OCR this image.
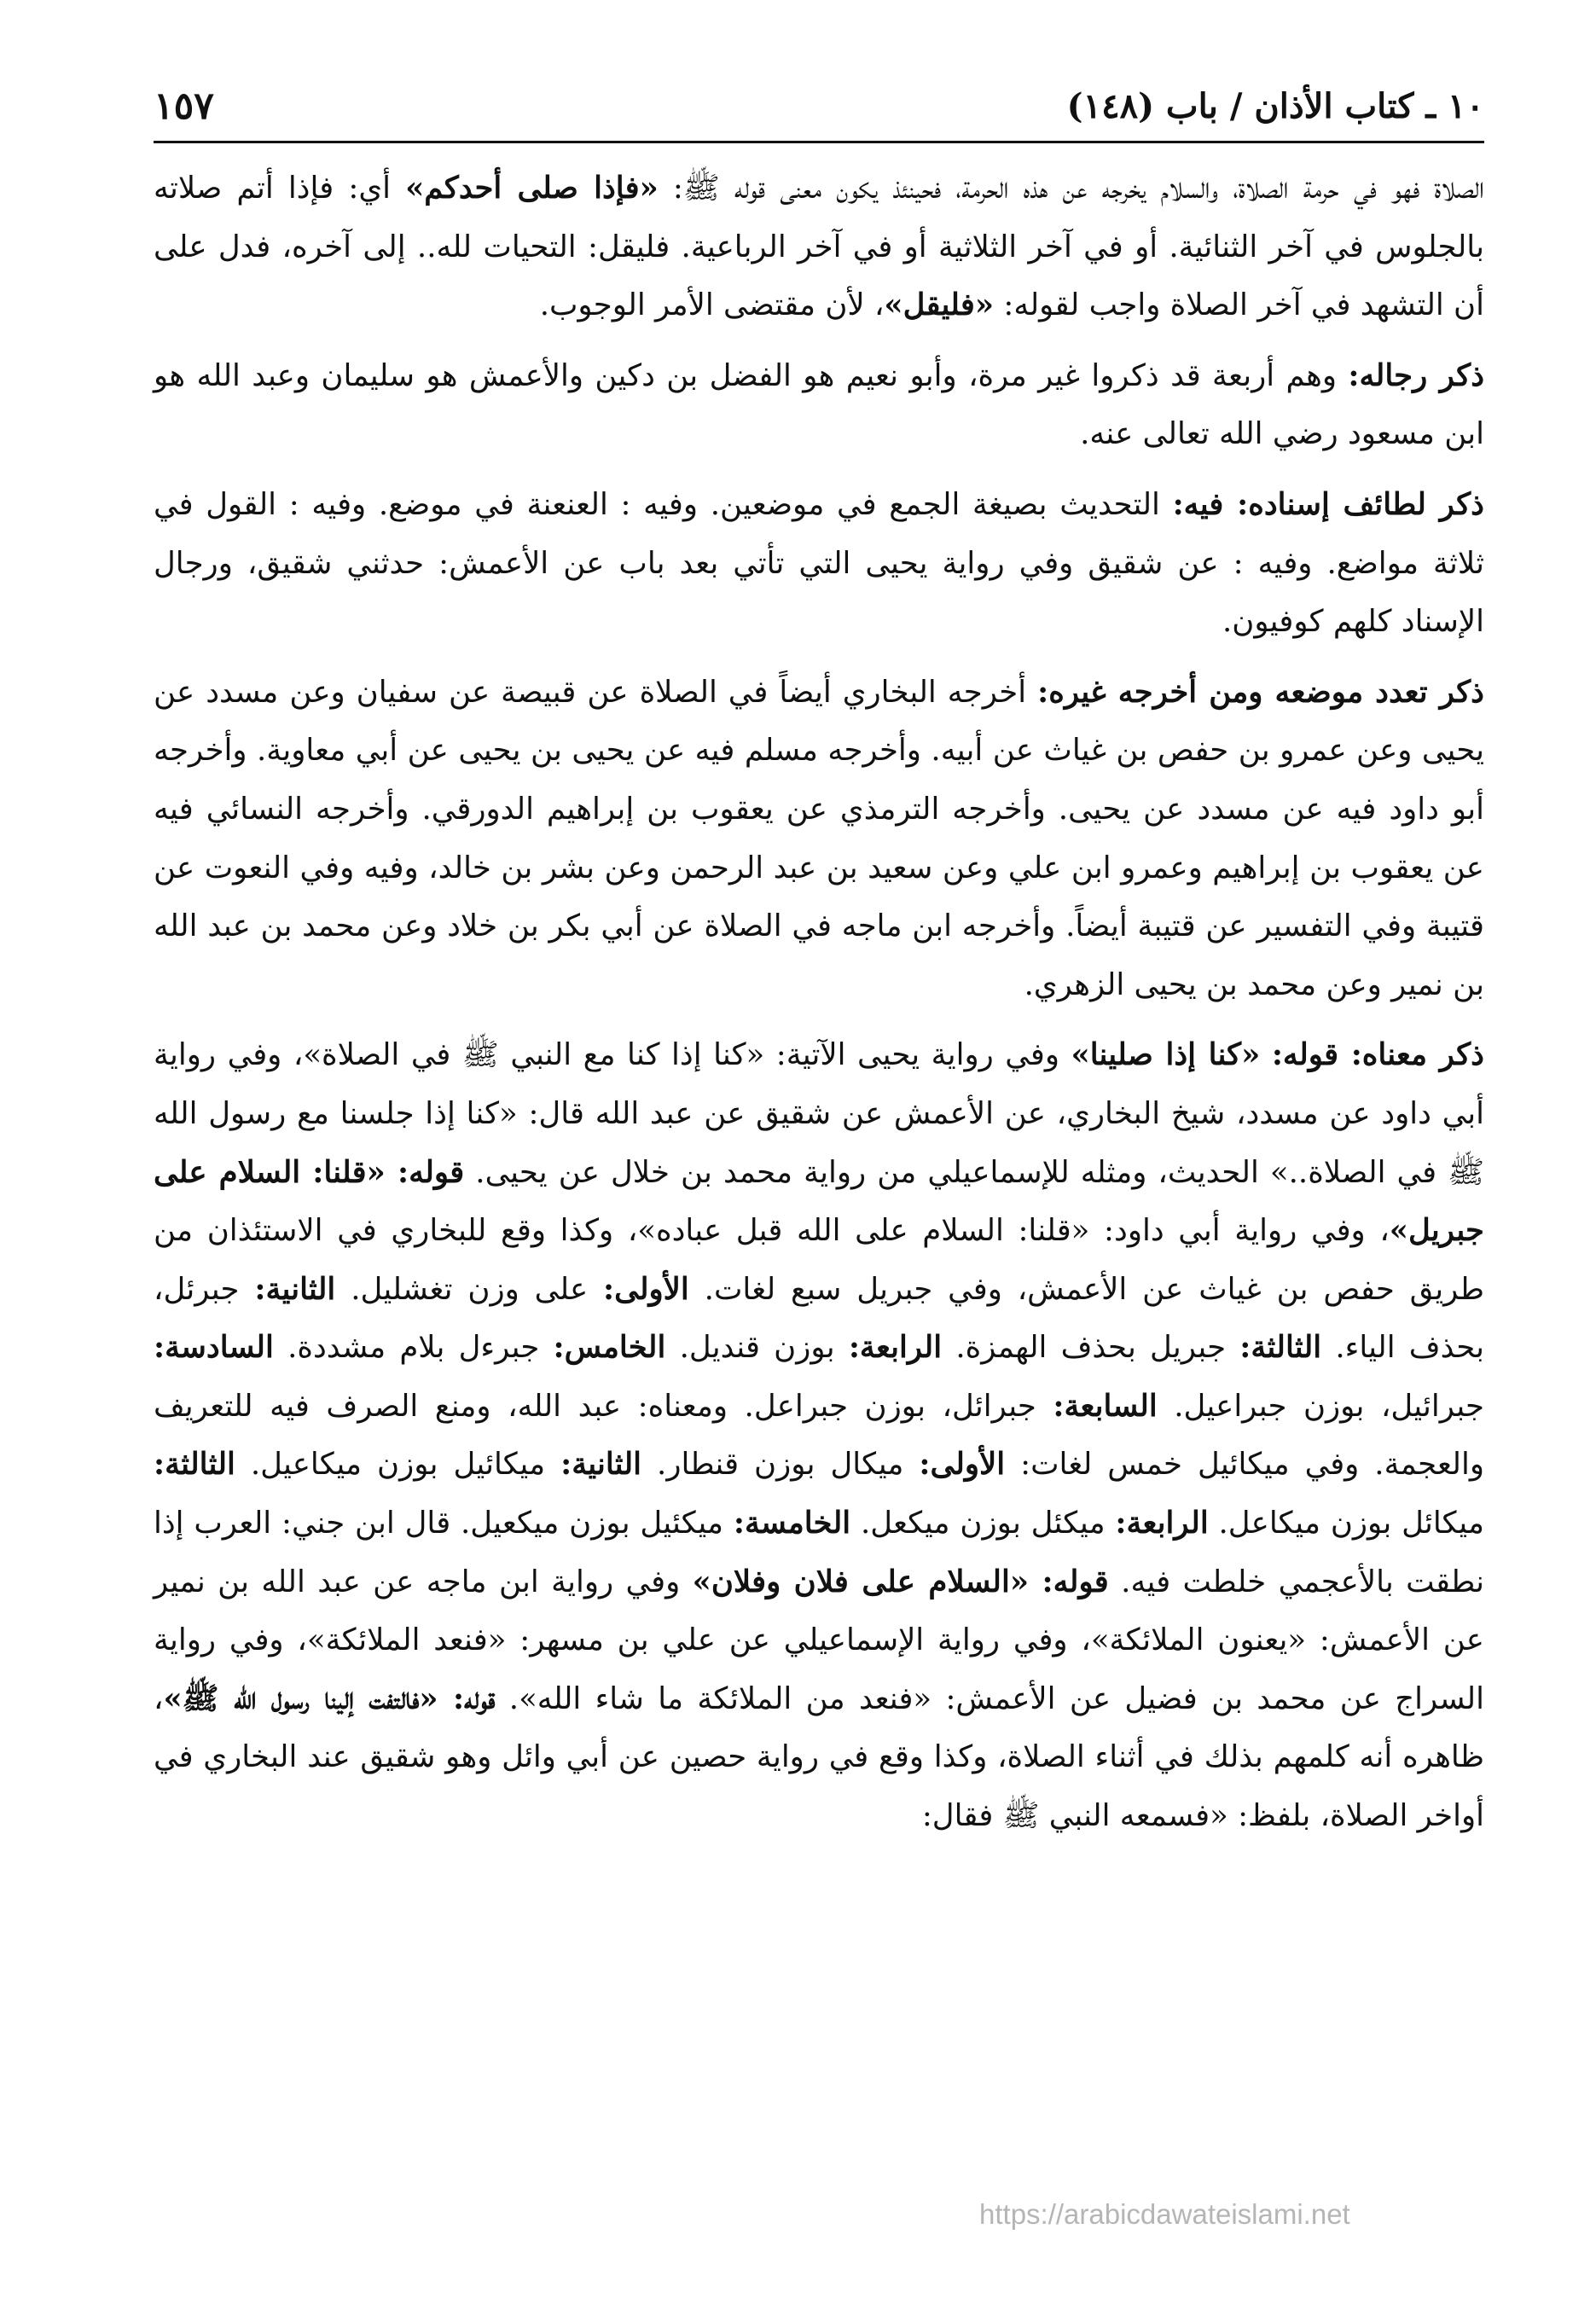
١٠ ـ كتاب الأذان / باب (١٤٨)
١٥٧

الصلاة فهو في حرمة الصلاة، والسلام يخرجه عن هذه الحرمة، فحينئذ يكون معنى قوله ﷺ: «فإذا صلى أحدكم» أي: فإذا أتم صلاته بالجلوس في آخر الثنائية. أو في آخر الثلاثية أو في آخر الرباعية. فليقل: التحيات لله.. إلى آخره، فدل على أن التشهد في آخر الصلاة واجب لقوله: «فليقل»، لأن مقتضى الأمر الوجوب.

ذكر رجاله: وهم أربعة قد ذكروا غير مرة، وأبو نعيم هو الفضل بن دكين والأعمش هو سليمان وعبد الله هو ابن مسعود رضي الله تعالى عنه.

ذكر لطائف إسناده: فيه: التحديث بصيغة الجمع في موضعين. وفيه : العنعنة في موضع. وفيه : القول في ثلاثة مواضع. وفيه : عن شقيق وفي رواية يحيى التي تأتي بعد باب عن الأعمش: حدثني شقيق، ورجال الإسناد كلهم كوفيون.

ذكر تعدد موضعه ومن أخرجه غيره: أخرجه البخاري أيضاً في الصلاة عن قبيصة عن سفيان وعن مسدد عن يحيى وعن عمرو بن حفص بن غياث عن أبيه. وأخرجه مسلم فيه عن يحيى بن يحيى عن أبي معاوية. وأخرجه أبو داود فيه عن مسدد عن يحيى. وأخرجه الترمذي عن يعقوب بن إبراهيم الدورقي. وأخرجه النسائي فيه عن يعقوب بن إبراهيم وعمرو ابن علي وعن سعيد بن عبد الرحمن وعن بشر بن خالد، وفيه وفي النعوت عن قتيبة وفي التفسير عن قتيبة أيضاً. وأخرجه ابن ماجه في الصلاة عن أبي بكر بن خلاد وعن محمد بن عبد الله بن نمير وعن محمد بن يحيى الزهري.

ذكر معناه: قوله: «كنا إذا صلينا» وفي رواية يحيى الآتية: «كنا إذا كنا مع النبي ﷺ في الصلاة»، وفي رواية أبي داود عن مسدد، شيخ البخاري، عن الأعمش عن شقيق عن عبد الله قال: «كنا إذا جلسنا مع رسول الله ﷺ في الصلاة..» الحديث، ومثله للإسماعيلي من رواية محمد بن خلال عن يحيى. قوله: «قلنا: السلام على جبريل»، وفي رواية أبي داود: «قلنا: السلام على الله قبل عباده»، وكذا وقع للبخاري في الاستئذان من طريق حفص بن غياث عن الأعمش، وفي جبريل سبع لغات. الأولى: على وزن تغشليل. الثانية: جبرئل، بحذف الياء. الثالثة: جبريل بحذف الهمزة. الرابعة: بوزن قنديل. الخامس: جبرءل بلام مشددة. السادسة: جبرائيل، بوزن جبراعيل. السابعة: جبرائل، بوزن جبراعل. ومعناه: عبد الله، ومنع الصرف فيه للتعريف والعجمة. وفي ميكائيل خمس لغات: الأولى: ميكال بوزن قنطار. الثانية: ميكائيل بوزن ميكاعيل. الثالثة: ميكائل بوزن ميكاعل. الرابعة: ميكئل بوزن ميكعل. الخامسة: ميكئيل بوزن ميكعيل. قال ابن جني: العرب إذا نطقت بالأعجمي خلطت فيه. قوله: «السلام على فلان وفلان» وفي رواية ابن ماجه عن عبد الله بن نمير عن الأعمش: «يعنون الملائكة»، وفي رواية الإسماعيلي عن علي بن مسهر: «فنعد الملائكة»، وفي رواية السراج عن محمد بن فضيل عن الأعمش: «فنعد من الملائكة ما شاء الله». قوله: «فالتفت إلينا رسول الله ﷺ»، ظاهره أنه كلمهم بذلك في أثناء الصلاة، وكذا وقع في رواية حصين عن أبي وائل وهو شقيق عند البخاري في أواخر الصلاة، بلفظ: «فسمعه النبي ﷺ فقال:

https://arabicdawateislami.net
